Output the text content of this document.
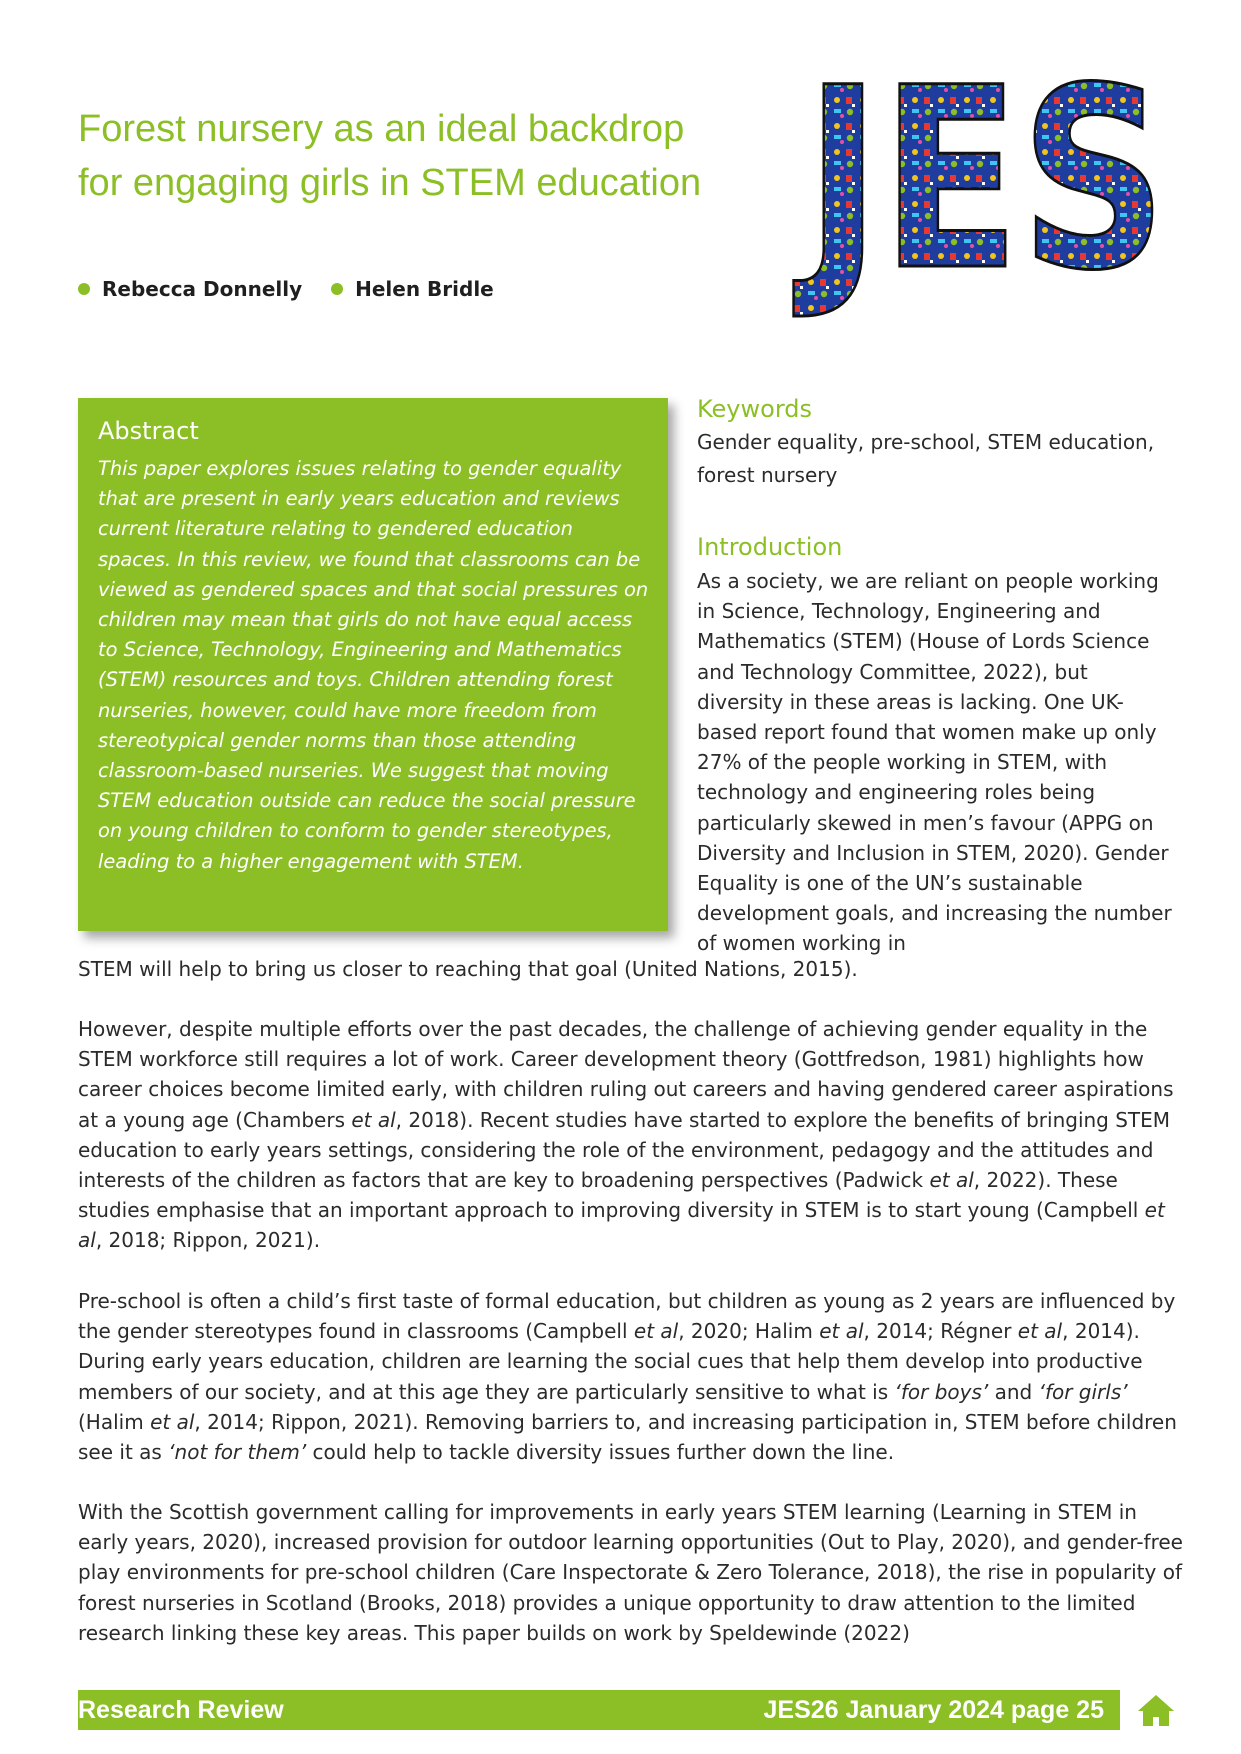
Forest nursery as an ideal backdrop
for engaging girls in STEM education JES
Rebecca Donnelly
	Helen Bridle
Abstract

This paper explores issues relating to gender equality that are present in early years education and reviews current literature relating to gendered education spaces. In this review, we found that classrooms can be viewed as gendered spaces and that social pressures on children may mean that girls do not have equal access to Science, Technology, Engineering and Mathematics (STEM) resources and toys. Children attending forest nurseries, however, could have more freedom from stereotypical gender norms than those attending classroom-based nurseries. We suggest that moving STEM education outside can reduce the social pressure on young children to conform to gender stereotypes, leading to a higher engagement with STEM.

Keywords

Gender equality, pre-school, STEM education, forest nursery

Introduction

As a society, we are reliant on people working in Science, Technology, Engineering and Mathematics (STEM) (House of Lords Science and Technology Committee, 2022), but diversity in these areas is lacking. One UK-based report found that women make up only 27% of the people working in STEM, with technology and engineering roles being particularly skewed in men’s favour (APPG on Diversity and Inclusion in STEM, 2020). Gender Equality is one of the UN’s sustainable development goals, and increasing the number of women working in

STEM will help to bring us closer to reaching that goal (United Nations, 2015).

However, despite multiple efforts over the past decades, the challenge of achieving gender equality in the STEM workforce still requires a lot of work. Career development theory (Gottfredson, 1981) highlights how career choices become limited early, with children ruling out careers and having gendered career aspirations at a young age (Chambers et al, 2018). Recent studies have started to explore the benefits of bringing STEM education to early years settings, considering the role of the environment, pedagogy and the attitudes and interests of the children as factors that are key to broadening perspectives (Padwick et al, 2022). These studies emphasise that an important approach to improving diversity in STEM is to start young (Campbell et al, 2018; Rippon, 2021).

Pre-school is often a child’s first taste of formal education, but children as young as 2 years are influenced by the gender stereotypes found in classrooms (Campbell et al, 2020; Halim et al, 2014; Régner et al, 2014). During early years education, children are learning the social cues that help them develop into productive members of our society, and at this age they are particularly sensitive to what is ‘for boys’ and ‘for girls’ (Halim et al, 2014; Rippon, 2021). Removing barriers to, and increasing participation in, STEM before children see it as ‘not for them’ could help to tackle diversity issues further down the line.

With the Scottish government calling for improvements in early years STEM learning (Learning in STEM in early years, 2020), increased provision for outdoor learning opportunities (Out to Play, 2020), and gender-free play environments for pre-school children (Care Inspectorate & Zero Tolerance, 2018), the rise in popularity of forest nurseries in Scotland (Brooks, 2018) provides a unique opportunity to draw attention to the limited research linking these key areas. This paper builds on work by Speldewinde (2022)

Research Review	JES26 January 2024 page 25
